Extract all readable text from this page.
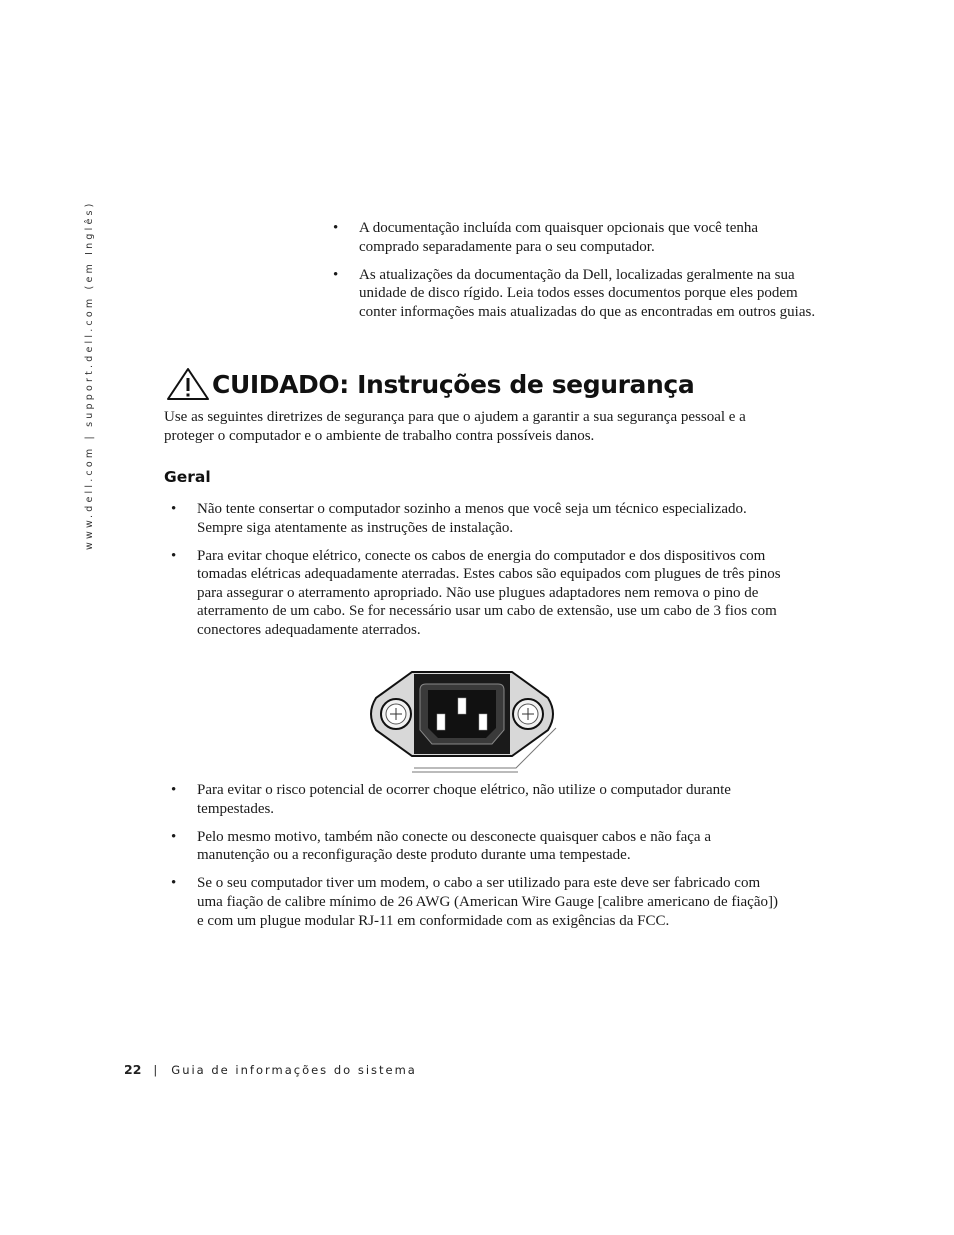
www.dell.com | support.dell.com (em Inglês)
•	A documentação incluída com quaisquer opcionais que você tenha comprado separadamente para o seu computador.
• As atualizações da documentação da Dell, localizadas geralmente na sua unidade de disco rígido. Leia todos esses documentos porque eles podem conter informações mais atualizadas do que as encontradas em outros guias.
CUIDADO: Instruções de segurança

Use as seguintes diretrizes de segurança para que o ajudem a garantir a sua segurança pessoal e a proteger o computador e o ambiente de trabalho contra possíveis danos.

Geral
• Não tente consertar o computador sozinho a menos que você seja um técnico especializado. Sempre siga atentamente as instruções de instalação.
• Para evitar choque elétrico, conecte os cabos de energia do computador e dos dispositivos com tomadas elétricas adequadamente aterradas. Estes cabos são equipados com plugues de três pinos para assegurar o aterramento apropriado. Não use plugues adaptadores nem remova o pino de aterramento de um cabo. Se for necessário usar um cabo de extensão, use um cabo de 3 fios com conectores adequadamente aterrados.
• Para evitar o risco potencial de ocorrer choque elétrico, não utilize o computador durante tempestades.
• Pelo mesmo motivo, também não conecte ou desconecte quaisquer cabos e não faça a manutenção ou a reconfiguração deste produto durante uma tempestade.
• Se o seu computador tiver um modem, o cabo a ser utilizado para este deve ser fabricado com uma fiação de calibre mínimo de 26 AWG (American Wire Gauge [calibre americano de fiação]) e com um plugue modular RJ-11 em conformidade com as exigências da FCC.
22 | Guia de informações do sistema
